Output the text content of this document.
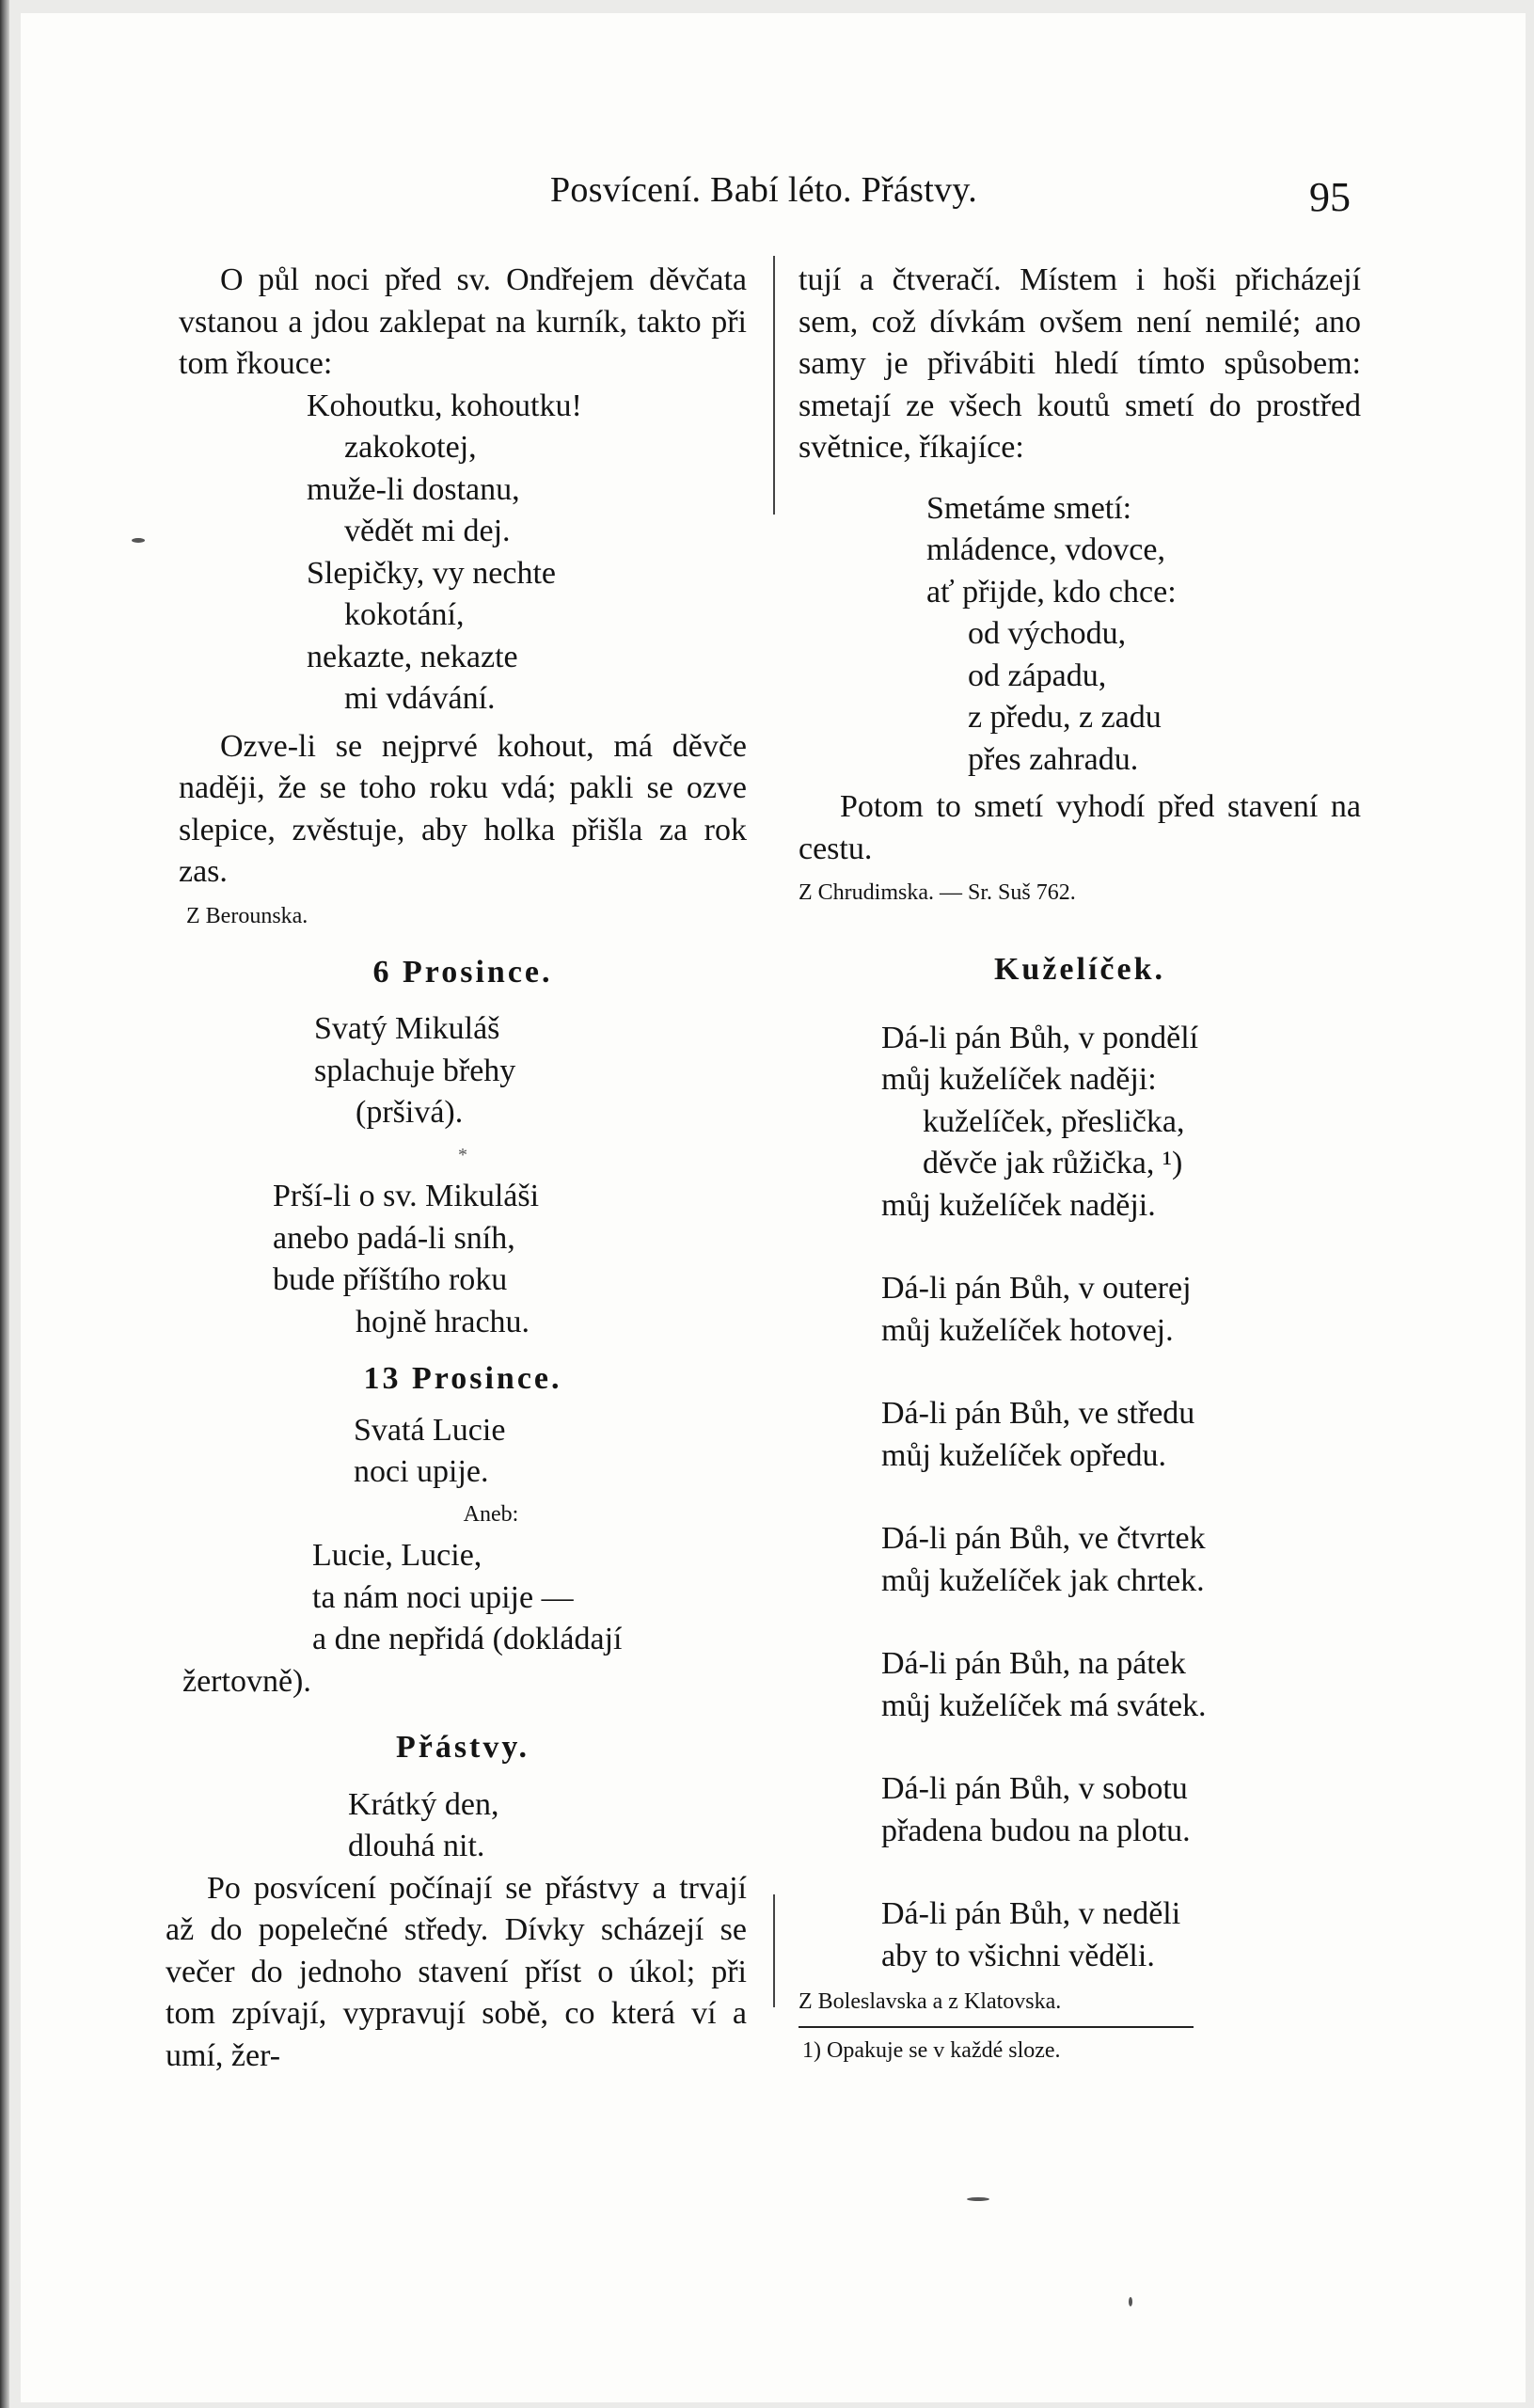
Posvícení. Babí léto. Přástvy.	95

O půl noci před sv. Ondřejem děvčata vstanou a jdou zaklepat na kurník, takto při tom řkouce:

Kohoutku, kohoutku!
zakokotej,
muže-li dostanu,
vědět mi dej.
Slepičky, vy nechte
kokotání,
nekazte, nekazte
mi vdávání.

Ozve-li se nejprvé kohout, má děvče naději, že se toho roku vdá; pakli se ozve slepice, zvěstuje, aby holka přišla za rok zas.

Z Berounska.

6 Prosince.

Svatý Mikuláš
splachuje břehy
(pršivá).

*

Prší-li o sv. Mikuláši
anebo padá-li sníh,
bude příštího roku
hojně hrachu.

13 Prosince.

Svatá Lucie
noci upije.

Aneb:

Lucie, Lucie,
ta nám noci upije —
a dne nepřidá (dokládají
žertovně).

Přástvy.

Krátký den,
dlouhá nit.

Po posvícení počínají se přástvy a trvají až do popelečné středy. Dívky scházejí se večer do jednoho stavení příst o úkol; při tom zpívají, vypravují sobě, co která ví a umí, žer-

tují a čtveračí. Místem i hoši přicházejí sem, což dívkám ovšem není nemilé; ano samy je přivábiti hledí tímto spůsobem: smetají ze všech koutů smetí do prostřed světnice, říkajíce:

Smetáme smetí:
mládence, vdovce,
ať přijde, kdo chce:
od východu,
od západu,
z předu, z zadu
přes zahradu.

Potom to smetí vyhodí před stavení na cestu.

Z Chrudimska. — Sr. Suš 762.

Kuželíček.

Dá-li pán Bůh, v pondělí
můj kuželíček naději:
kuželíček, přeslička,
děvče jak růžička, ¹)
můj kuželíček naději.
Dá-li pán Bůh, v outerej
můj kuželíček hotovej.
Dá-li pán Bůh, ve středu
můj kuželíček opředu.
Dá-li pán Bůh, ve čtvrtek
můj kuželíček jak chrtek.
Dá-li pán Bůh, na pátek
můj kuželíček má svátek.
Dá-li pán Bůh, v sobotu
přadena budou na plotu.
Dá-li pán Bůh, v neděli
aby to všichni věděli.

Z Boleslavska a z Klatovska.

1) Opakuje se v každé sloze.
